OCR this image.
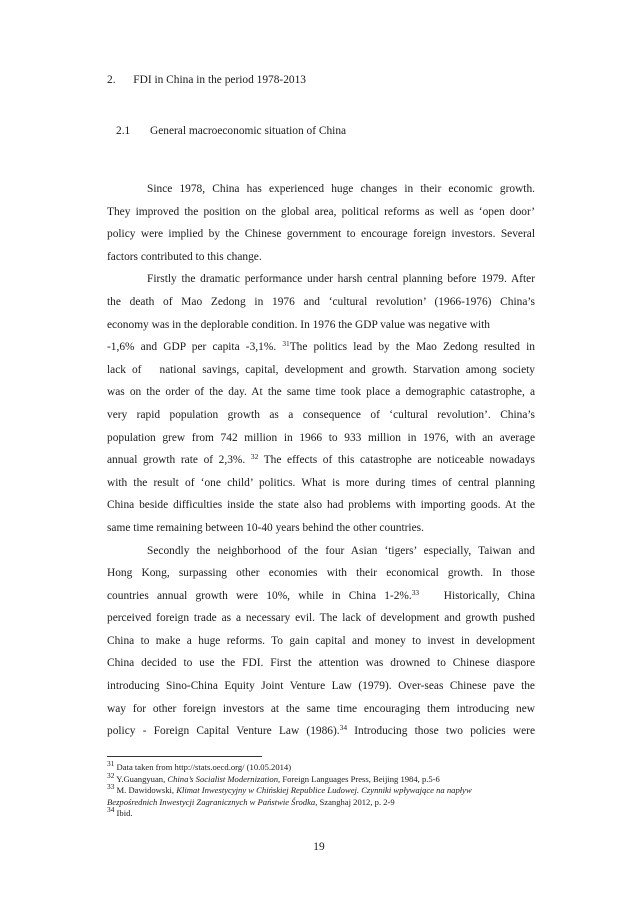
2. FDI in China in the period 1978-2013
2.1 General macroeconomic situation of China
Since 1978, China has experienced huge changes in their economic growth.
They improved the position on the global area, political reforms as well as ‘open door’
policy were implied by the Chinese government to encourage foreign investors. Several
factors contributed to this change.
Firstly the dramatic performance under harsh central planning before 1979. After
the death of Mao Zedong in 1976 and ‘cultural revolution’ (1966-1976) China’s
economy was in the deplorable condition. In 1976 the GDP value was negative with
-1,6% and GDP per capita -3,1%. $^{31}$The politics lead by the Mao Zedong resulted in
lack of   national savings, capital, development and growth. Starvation among society
was on the order of the day. At the same time took place a demographic catastrophe, a
very rapid population growth as a consequence of ‘cultural revolution’. China’s
population grew from 742 million in 1966 to 933 million in 1976, with an average
annual growth rate of 2,3%. $^{32}$ The effects of this catastrophe are noticeable nowadays
with the result of ‘one child’ politics. What is more during times of central planning
China beside difficulties inside the state also had problems with importing goods. At the
same time remaining between 10-40 years behind the other countries.
Secondly the neighborhood of the four Asian ‘tigers’ especially, Taiwan and
Hong Kong, surpassing other economies with their economical growth. In those
countries annual growth were 10%, while in China 1-2%.$^{33}$   Historically, China
perceived foreign trade as a necessary evil. The lack of development and growth pushed
China to make a huge reforms. To gain capital and money to invest in development
China decided to use the FDI. First the attention was drowned to Chinese diaspore
introducing Sino-China Equity Joint Venture Law (1979). Over-seas Chinese pave the
way for other foreign investors at the same time encouraging them introducing new
policy - Foreign Capital Venture Law (1986).$^{34}$ Introducing those two policies were
$^{31}$ Data taken from http://stats.oecd.org/ (10.05.2014)
$^{32}$ Y.Guangyuan, China’s Socialist Modernization, Foreign Languages Press, Beijing 1984, p.5-6
$^{33}$ M. Dawidowski, Klimat Inwestycyjny w Chińskiej Republice Ludowej. Czynniki wpływające na napływ
Bezpośrednich Inwestycji Zagranicznych w Państwie Środka, Szanghaj 2012, p. 2-9
$^{34}$ Ibid.
19
